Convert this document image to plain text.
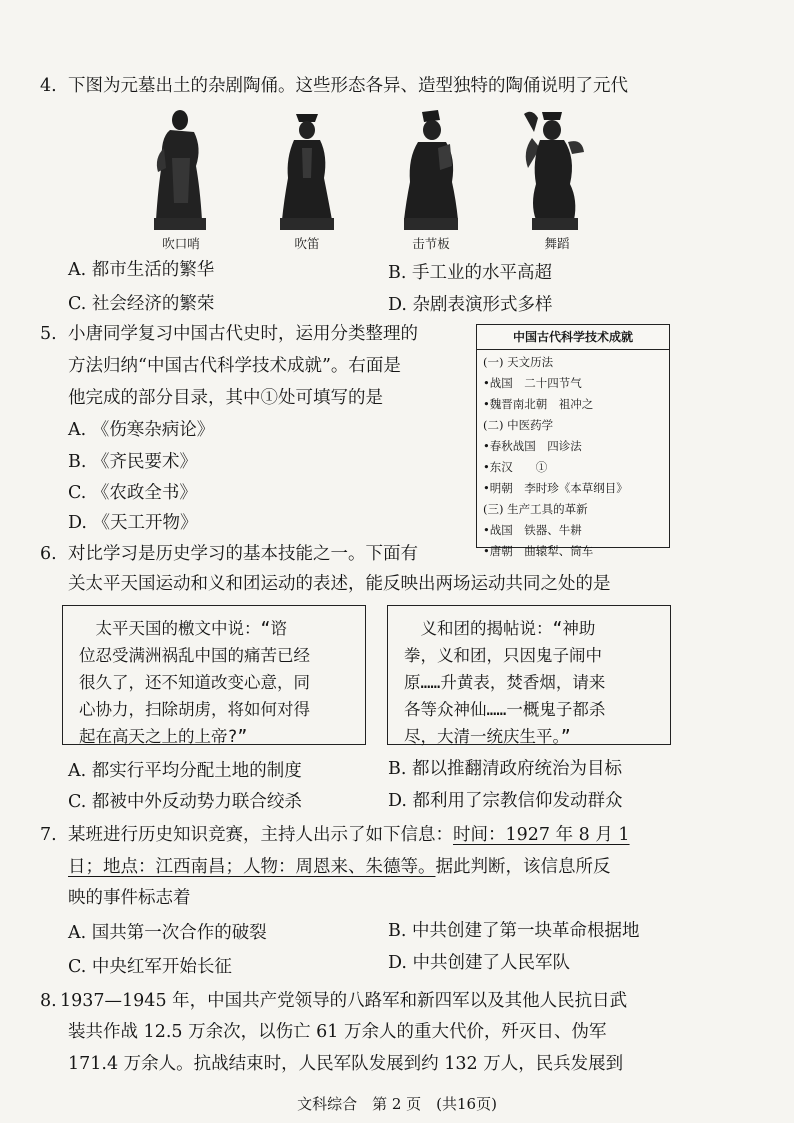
4. 下图为元墓出土的杂剧陶俑。这些形态各异、造型独特的陶俑说明了元代
吹口哨	吹笛	击节板	舞蹈
A. 都市生活的繁华	B. 手工业的水平高超
C. 社会经济的繁荣	D. 杂剧表演形式多样
5. 小唐同学复习中国古代史时，运用分类整理的
方法归纳“中国古代科学技术成就”。右面是
他完成的部分目录，其中①处可填写的是
A. 《伤寒杂病论》
B. 《齐民要术》
C. 《农政全书》
D. 《天工开物》
中国古代科学技术成就
(一) 天文历法
•战国　二十四节气
•魏晋南北朝　祖冲之
(二) 中医药学
•春秋战国　四诊法
•东汉　　①　
•明朝　李时珍《本草纲目》
(三) 生产工具的革新
•战国　铁器、牛耕
•唐朝　曲辕犁、筒车
6. 对比学习是历史学习的基本技能之一。下面有
关太平天国运动和义和团运动的表述，能反映出两场运动共同之处的是
　太平天国的檄文中说：“谘
位忍受满洲祸乱中国的痛苦已经
很久了，还不知道改变心意，同
心协力，扫除胡虏，将如何对得
起在高天之上的上帝?”
　义和团的揭帖说：“神助
拳，义和团，只因鬼子闹中
原……升黄表，焚香烟，请来
各等众神仙……一概鬼子都杀
尽，大清一统庆生平。”
A. 都实行平均分配土地的制度	B. 都以推翻清政府统治为目标
C. 都被中外反动势力联合绞杀	D. 都利用了宗教信仰发动群众
7. 某班进行历史知识竞赛，主持人出示了如下信息：时间：1927 年 8 月 1
日；地点：江西南昌；人物：周恩来、朱德等。据此判断，该信息所反
映的事件标志着
A. 国共第一次合作的破裂	B. 中共创建了第一块革命根据地
C. 中央红军开始长征	D. 中共创建了人民军队
8. 1937—1945 年，中国共产党领导的八路军和新四军以及其他人民抗日武
装共作战 12.5 万余次，以伤亡 61 万余人的重大代价，歼灭日、伪军
171.4 万余人。抗战结束时，人民军队发展到约 132 万人，民兵发展到
文科综合　第 2 页　(共16页)
